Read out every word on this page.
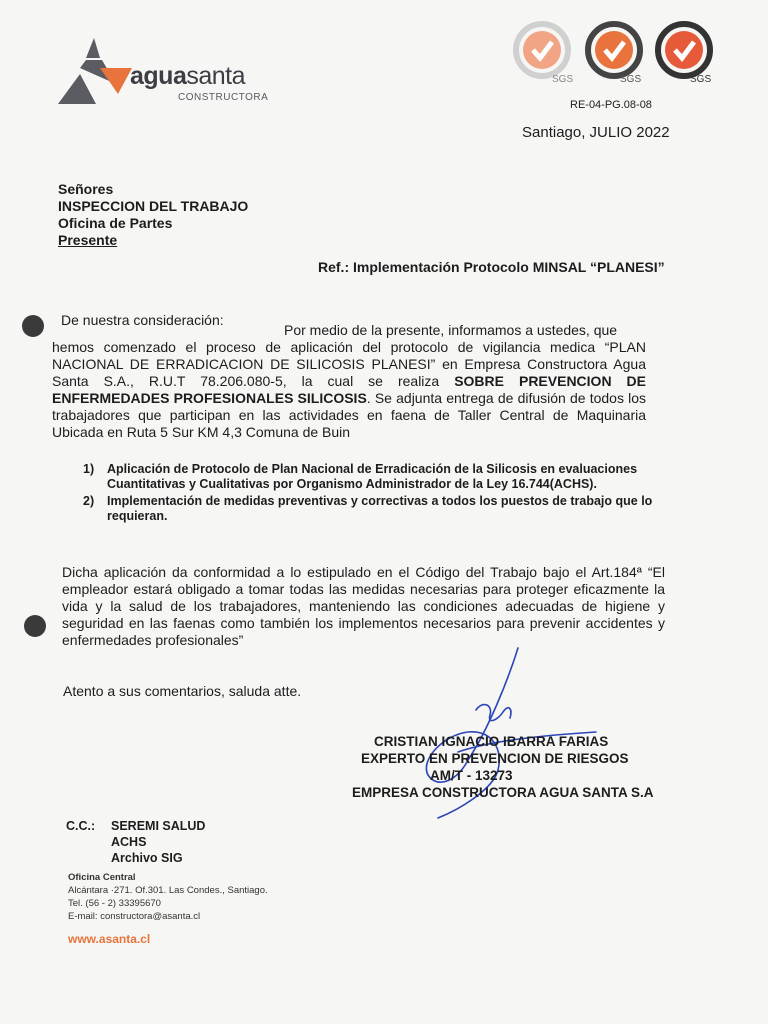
aguasanta
CONSTRUCTORA
SGS	SGS	SGS
RE-04-PG.08-08
Santiago, JULIO 2022
Señores
INSPECCION DEL TRABAJO
Oficina de Partes
Presente
Ref.: Implementación Protocolo MINSAL “PLANESI”
De nuestra consideración:
Por medio de la presente, informamos a ustedes, que
hemos comenzado el proceso de aplicación del protocolo de vigilancia medica “PLAN NACIONAL DE ERRADICACION DE SILICOSIS PLANESI” en Empresa Constructora Agua Santa S.A., R.U.T 78.206.080-5, la cual se realiza SOBRE PREVENCION DE ENFERMEDADES PROFESIONALES SILICOSIS. Se adjunta entrega de difusión de todos los trabajadores que participan en las actividades en faena de Taller Central de Maquinaria Ubicada en Ruta 5 Sur KM 4,3 Comuna de Buin
1) Aplicación de Protocolo de Plan Nacional de Erradicación de la Silicosis en evaluaciones Cuantitativas y Cualitativas por Organismo Administrador de la Ley 16.744(ACHS).
2) Implementación de medidas preventivas y correctivas a todos los puestos de trabajo que lo requieran.
Dicha aplicación da conformidad a lo estipulado en el Código del Trabajo bajo el Art.184ª “El empleador estará obligado a tomar todas las medidas necesarias para proteger eficazmente la vida y la salud de los trabajadores, manteniendo las condiciones adecuadas de higiene y seguridad en las faenas como también los implementos necesarios para prevenir accidentes y enfermedades profesionales”
Atento a sus comentarios, saluda atte.
CRISTIAN IGNACIO IBARRA FARIAS
EXPERTO EN PREVENCION DE RIESGOS
AM/T - 13273
EMPRESA CONSTRUCTORA AGUA SANTA S.A
C.C.: SEREMI SALUD
ACHS
Archivo SIG
Oficina Central
Alcántara ·271. Of.301. Las Condes., Santiago.
Tel. (56 - 2) 33395670
E-mail: constructora@asanta.cl
www.asanta.cl
